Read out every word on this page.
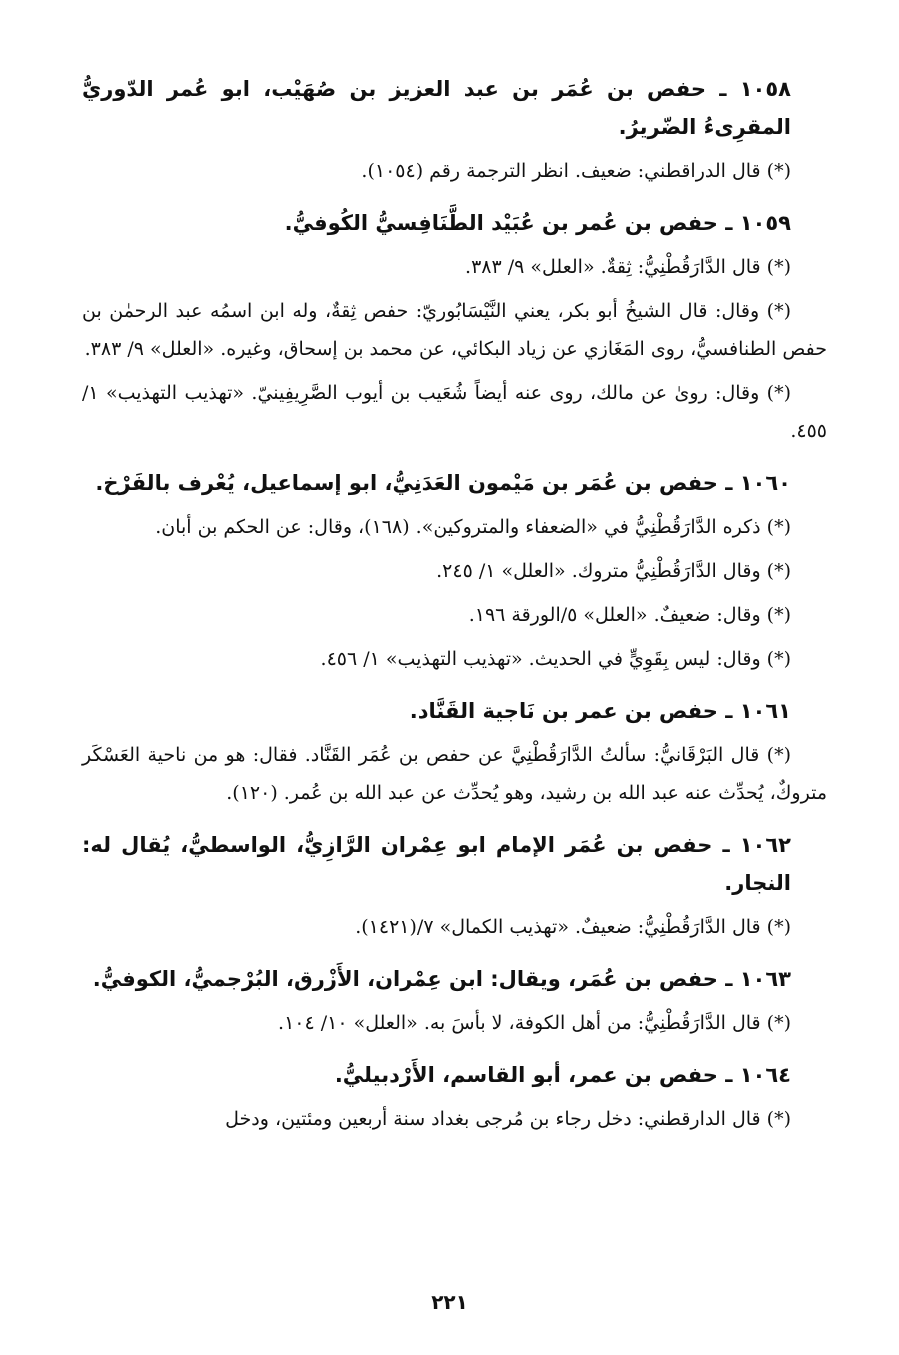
١٠٥٨ ـ حفص بن عُمَر بن عبد العزيز بن صُهَيْب، ابو عُمر الدّوريُّ المقرِىءُ الضّريرُ.
(*) قال الدراقطني: ضعيف. انظر الترجمة رقم (١٠٥٤).
١٠٥٩ ـ حفص بن عُمر بن عُبَيْد الطَّنَافِسيُّ الكُوفيُّ.
(*) قال الدَّارَقُطْنِيُّ: ثِقةٌ. «العلل» ٩/ ٣٨٣.
(*) وقال: قال الشيخُ أبو بكر، يعني النَّيْسَابُوريّ: حفص ثِقةٌ، وله ابن اسمُه عبد الرحمٰن بن حفص الطنافسيُّ، روى المَغَازي عن زياد البكائي، عن محمد بن إسحاق، وغيره. «العلل» ٩/ ٣٨٣.
(*) وقال: روىٰ عن مالك، روى عنه أيضاً شُعَيب بن أيوب الصَّرِيفِينيّ. «تهذيب التهذيب» ١/ ٤٥٥.
١٠٦٠ ـ حفص بن عُمَر بن مَيْمون العَدَنِيُّ، ابو إسماعيل، يُعْرف بالفَرْخ.
(*) ذكره الدَّارَقُطْنِيُّ في «الضعفاء والمتروكين». (١٦٨)، وقال: عن الحكم بن أبان.
(*) وقال الدَّارَقُطْنِيُّ متروك. «العلل» ١/ ٢٤٥.
(*) وقال: ضعيفٌ. «العلل» ٥/الورقة ١٩٦.
(*) وقال: ليس بِقَوِيٍّ في الحديث. «تهذيب التهذيب» ١/ ٤٥٦.
١٠٦١ ـ حفص بن عمر بن نَاجية القَنَّاد.
(*) قال البَرْقَانيُّ: سألتُ الدَّارَقُطْنِيَّ عن حفص بن عُمَر القَنَّاد. فقال: هو من ناحية العَسْكَر متروكٌ، يُحدِّث عنه عبد الله بن رشيد، وهو يُحدِّث عن عبد الله بن عُمر. (١٢٠).
١٠٦٢ ـ حفص بن عُمَر الإمام ابو عِمْران الرَّازِيُّ، الواسطيُّ، يُقال له: النجار.
(*) قال الدَّارَقُطْنِيُّ: ضعيفٌ. «تهذيب الكمال» ٧/(١٤٢١).
١٠٦٣ ـ حفص بن عُمَر، ويقال: ابن عِمْران، الأَزْرق، البُرْجميُّ، الكوفيُّ.
(*) قال الدَّارَقُطْنِيُّ: من أهل الكوفة، لا بأسَ به. «العلل» ١٠/ ١٠٤.
١٠٦٤ ـ حفص بن عمر، أبو القاسم، الأَرْدبيليُّ.
(*) قال الدارقطني: دخل رجاء بن مُرجى بغداد سنة أربعين ومئتين، ودخل
٢٢١
